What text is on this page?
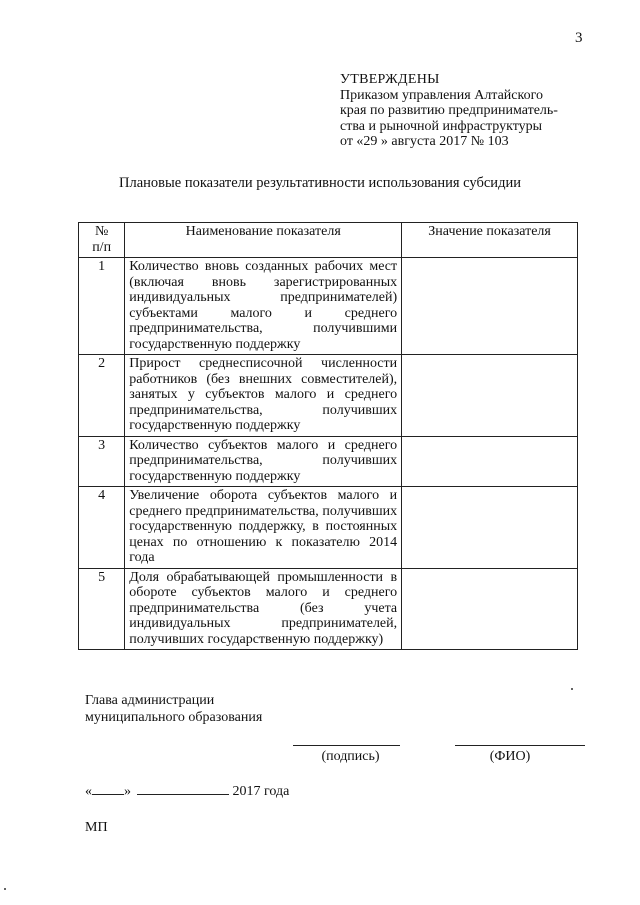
3
УТВЕРЖДЕНЫ
Приказом управления Алтайского
края по развитию предприниматель-
ства и рыночной инфраструктуры
от «29 » августа 2017 № 103
Плановые показатели результативности использования субсидии
№
п/п	Наименование показателя	Значение показателя
1	Количество вновь созданных рабочих мест (включая вновь зарегистрированных индивидуальных предпринимателей) субъектами малого и среднего предпринимательства, получившими государственную поддержку	
2	Прирост среднесписочной численности работников (без внешних совместителей), занятых у субъектов малого и среднего предпринимательства, получивших государственную поддержку	
3	Количество субъектов малого и среднего предпринимательства, получивших государственную поддержку	
4	Увеличение оборота субъектов малого и среднего предпринимательства, получивших государственную поддержку, в постоянных ценах по отношению к показателю 2014 года	
5	Доля обрабатывающей промышленности в обороте субъектов малого и среднего предпринимательства (без учета индивидуальных предпринимателей, получивших государственную поддержку)	
Глава администрации
муниципального образования
(подпись)	(ФИО)
« »	2017 года
МП
